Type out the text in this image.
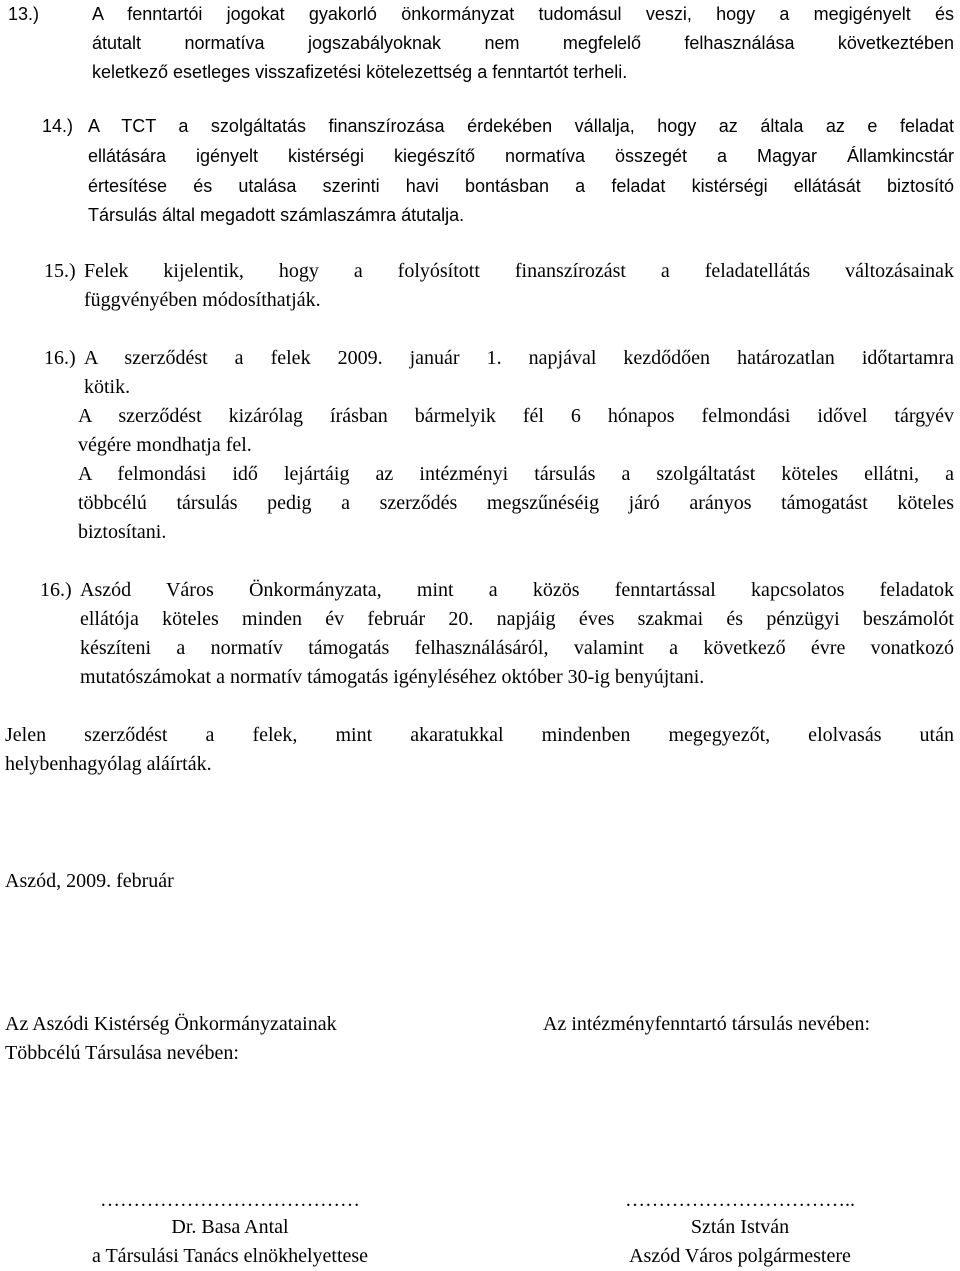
13.)	A fenntartói jogokat gyakorló önkormányzat tudomásul veszi, hogy a megigényelt és

átutalt normatíva jogszabályoknak nem megfelelő felhasználása következtében

keletkező esetleges visszafizetési kötelezettség a fenntartót terheli.

14.) A TCT a szolgáltatás finanszírozása érdekében vállalja, hogy az általa az e feladat

ellátására igényelt kistérségi kiegészítő normatíva összegét a Magyar Államkincstár

értesítése és utalása szerinti havi bontásban a feladat kistérségi ellátását biztosító

Társulás által megadott számlaszámra átutalja.

15.) Felek kijelentik, hogy a folyósított finanszírozást a feladatellátás változásainak

függvényében módosíthatják.

16.) A szerződést a felek 2009. január 1. napjával kezdődően határozatlan időtartamra

kötik.

A szerződést kizárólag írásban bármelyik fél 6 hónapos felmondási idővel tárgyév

végére mondhatja fel.

A felmondási idő lejártáig az intézményi társulás a szolgáltatást köteles ellátni, a

többcélú társulás pedig a szerződés megszűnéséig járó arányos támogatást köteles

biztosítani.

16.) Aszód Város Önkormányzata, mint a közös fenntartással kapcsolatos feladatok

ellátója köteles minden év február 20. napjáig éves szakmai és pénzügyi beszámolót

készíteni a normatív támogatás felhasználásáról, valamint a következő évre vonatkozó

mutatószámokat a normatív támogatás igényléséhez október 30-ig benyújtani.

Jelen szerződést a felek, mint akaratukkal mindenben megegyezőt, elolvasás után

helybenhagyólag aláírták.

Aszód, 2009. február

Az Aszódi Kistérség Önkormányzatainak

Többcélú Társulása nevében:

Az intézményfenntartó társulás nevében:

…………………………………
Dr. Basa Antal
a Társulási Tanács elnökhelyettese
……………………………..
Sztán István
Aszód Város polgármestere
